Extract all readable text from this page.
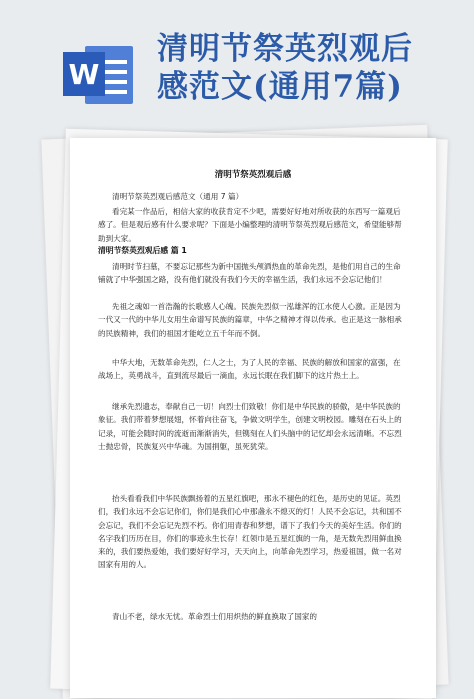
W
清明节祭英烈观后
感范文(通用7篇)
清明节祭英烈观后感
清明节祭英烈观后感范文（通用 7 篇）
看完某一作品后，相信大家的收获肯定不少吧，需要好好地对所收获的东西写一篇观后感了。但是观后感有什么要求呢？下面是小编整理的清明节祭英烈观后感范文，希望能够帮助到大家。
清明节祭英烈观后感 篇 1
清明时节扫墓，不要忘记那些为新中国抛头颅洒热血的革命先烈，是他们用自己的生命铺就了中华强国之路，没有他们就没有我们今天的幸福生活，我们永远不会忘记他们！
先祖之魂如一首浩瀚的长歌感人心魄。民族先烈似一泓雄浑的江水使人心激。正是因为一代又一代的中华儿女用生命谱写民族的篇章，中华之精神才得以传承。也正是这一脉相承的民族精神，我们的祖国才能屹立五千年而不倒。
中华大地，无数革命先烈，仁人之士，为了人民的幸福、民族的解放和国家的富强，在战场上，英勇战斗，直到流尽最后一滴血，永远长眠在我们脚下的这片热土上。
继承先烈遗志，奉献自己一切！向烈士们致敬！你们是中华民族的骄傲，是中华民族的象征。我们带着梦想展翅，怀着向往奋飞，争做文明学生，创建文明校园。雕刻在石头上的记录，可能会随时间的流逝而渐渐消失，但镌刻在人们头脑中的记忆却会永远清晰。不忘烈士抛忠骨，民族复兴中华魂。为国捐躯，虽死犹荣。
抬头看看我们中华民族飘扬着的五星红旗吧，那永不褪色的红色，是历史的见证。英烈们，我们永远不会忘记你们，你们是我们心中那盏永不熄灭的灯！人民不会忘记，共和国不会忘记，我们不会忘记先烈不朽。你们用青春和梦想，谱下了我们今天的美好生活。你们的名字我们历历在目，你们的事迹永生长存！红领巾是五星红旗的一角，是无数先烈用鲜血换来的，我们要热爱她，我们要好好学习，天天向上，向革命先烈学习，热爱祖国，做一名对国家有用的人。
青山不老，绿水无忧。革命烈士们用炽热的鲜血换取了国家的
